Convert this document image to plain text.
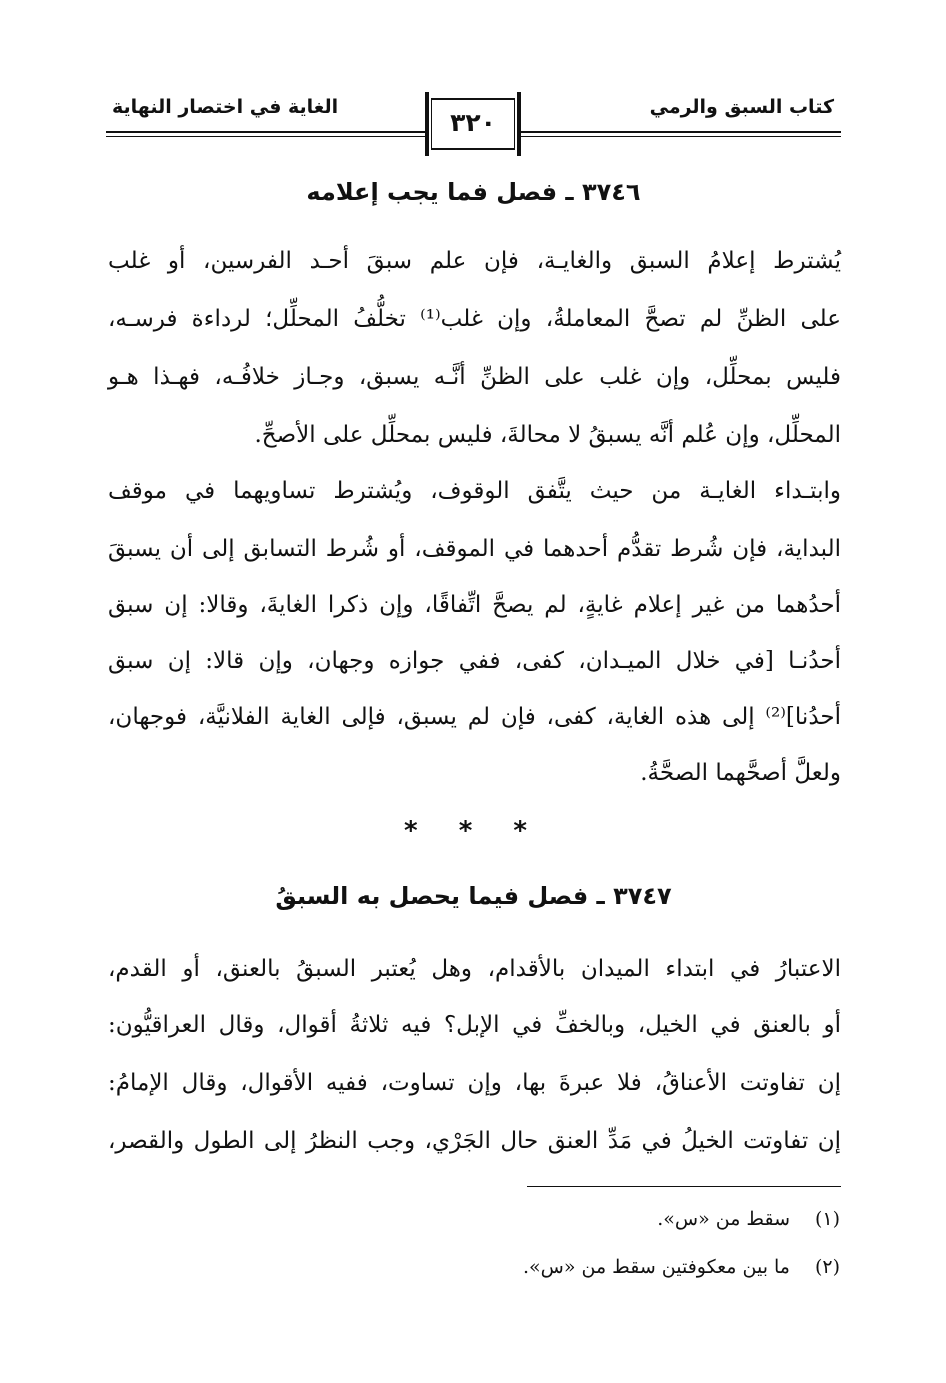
كتاب السبق والرمي
الغاية في اختصار النهاية
٣٢٠
٣٧٤٦ ـ فصل فما يجب إعلامه
يُشترط إعلامُ السبق والغايـة، فإن علم سبقَ أحـد الفرسين، أو غلب
على الظنِّ لم تصحَّ المعاملةُ، وإن غلب⁽¹⁾ تخلُّفُ المحلِّل؛ لرداءة فرسـه،
فليس بمحلِّل، وإن غلب على الظنِّ أنَّـه يسبق، وجـاز خلافُـه، فهـذا هـو
المحلِّل، وإن عُلم أنَّه يسبقُ لا محالةَ، فليس بمحلِّل على الأصحِّ.
وابتـداء الغايـة من حيث يتَّفق الوقوف، ويُشترط تساويهما في موقف
البداية، فإن شُرط تقدُّم أحدهما في الموقف، أو شُرط التسابق إلى أن يسبقَ
أحدُهما من غير إعلام غايةٍ، لم يصحَّ اتِّفاقًا، وإن ذكرا الغايةَ، وقالا: إن سبق
أحدُنـا [في خلال الميـدان، كفى، ففي جوازه وجهان، وإن قالا: إن سبق
أحدُنا]⁽²⁾ إلى هذه الغاية، كفى، فإن لم يسبق، فإلى الغاية الفلانيَّة، فوجهان،
ولعلَّ أصحَّهما الصحَّةُ.
* * *
٣٧٤٧ ـ فصل فيما يحصل به السبقُ
الاعتبارُ في ابتداء الميدان بالأقدام، وهل يُعتبر السبقُ بالعنق، أو القدم،
أو بالعنق في الخيل، وبالخفِّ في الإبل؟ فيه ثلاثةُ أقوال، وقال العراقيُّون:
إن تفاوتت الأعناقُ، فلا عبرةَ بها، وإن تساوت، ففيه الأقوال، وقال الإمامُ:
إن تفاوتت الخيلُ في مَدِّ العنق حال الجَرْي، وجب النظرُ إلى الطول والقصر،
(١)سقط من «س».
(٢)ما بين معكوفتين سقط من «س».
